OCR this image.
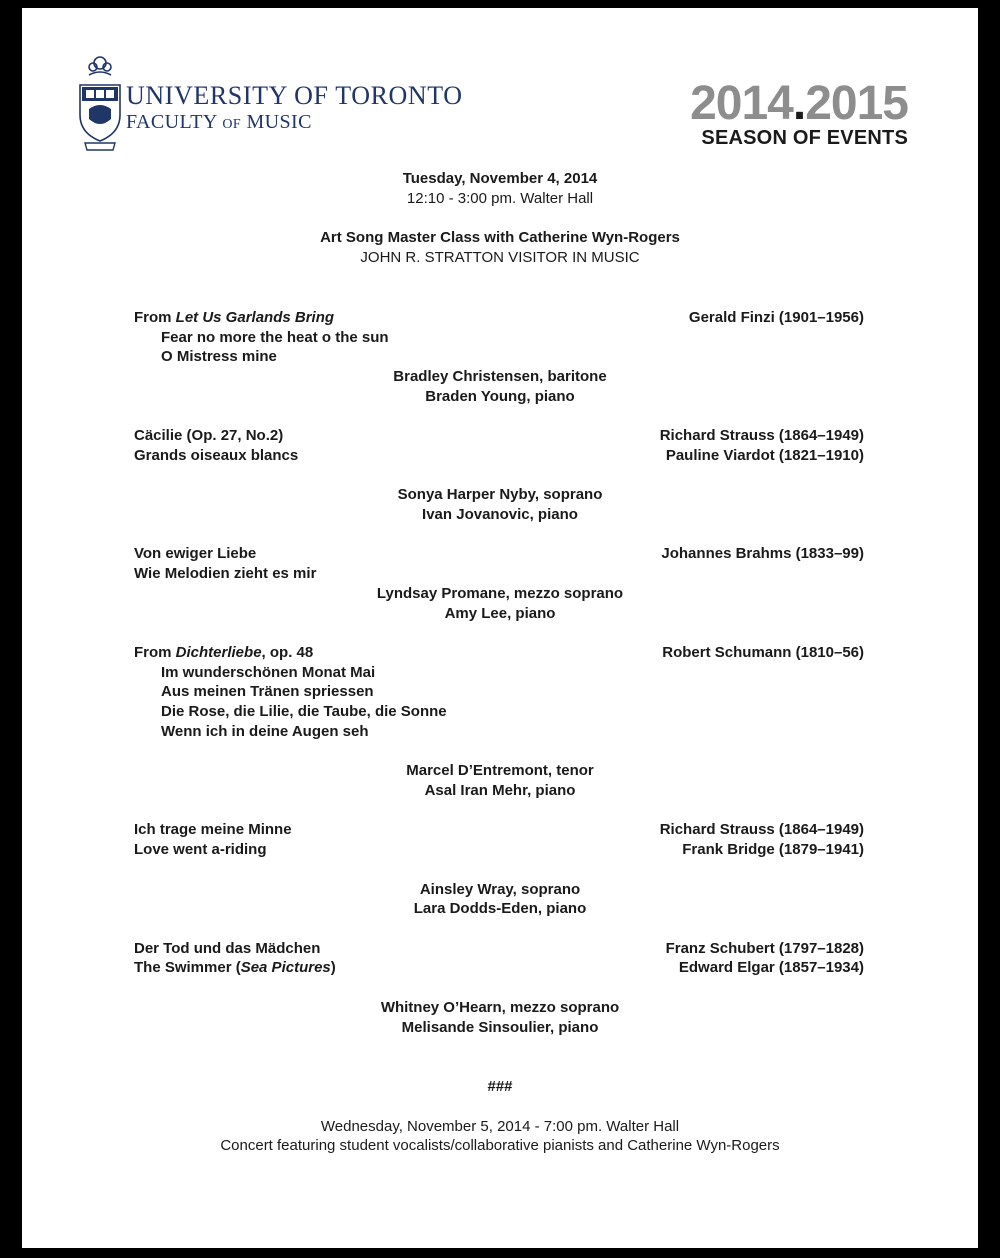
UNIVERSITY OF TORONTO
FACULTY OF MUSIC	2014.2015
SEASON OF EVENTS
Tuesday, November 4, 2014
12:10 - 3:00 pm. Walter Hall
Art Song Master Class with Catherine Wyn-Rogers
JOHN R. STRATTON VISITOR IN MUSIC
From Let Us Garlands Bring	Gerald Finzi (1901–1956)
Fear no more the heat o the sun
O Mistress mine
Bradley Christensen, baritone
Braden Young, piano
Cäcilie (Op. 27, No.2)	Richard Strauss (1864–1949)
Grands oiseaux blancs	Pauline Viardot (1821–1910)
Sonya Harper Nyby, soprano
Ivan Jovanovic, piano
Von ewiger Liebe	Johannes Brahms (1833–99)
Wie Melodien zieht es mir
Lyndsay Promane, mezzo soprano
Amy Lee, piano
From Dichterliebe, op. 48	Robert Schumann (1810–56)
Im wunderschönen Monat Mai
Aus meinen Tränen spriessen
Die Rose, die Lilie, die Taube, die Sonne
Wenn ich in deine Augen seh
Marcel D’Entremont, tenor
Asal Iran Mehr, piano
Ich trage meine Minne	Richard Strauss (1864–1949)
Love went a-riding	Frank Bridge (1879–1941)
Ainsley Wray, soprano
Lara Dodds-Eden, piano
Der Tod und das Mädchen	Franz Schubert (1797–1828)
The Swimmer (Sea Pictures)	Edward Elgar (1857–1934)
Whitney O’Hearn, mezzo soprano
Melisande Sinsoulier, piano
###
Wednesday, November 5, 2014 - 7:00 pm. Walter Hall
Concert featuring student vocalists/collaborative pianists and Catherine Wyn-Rogers
